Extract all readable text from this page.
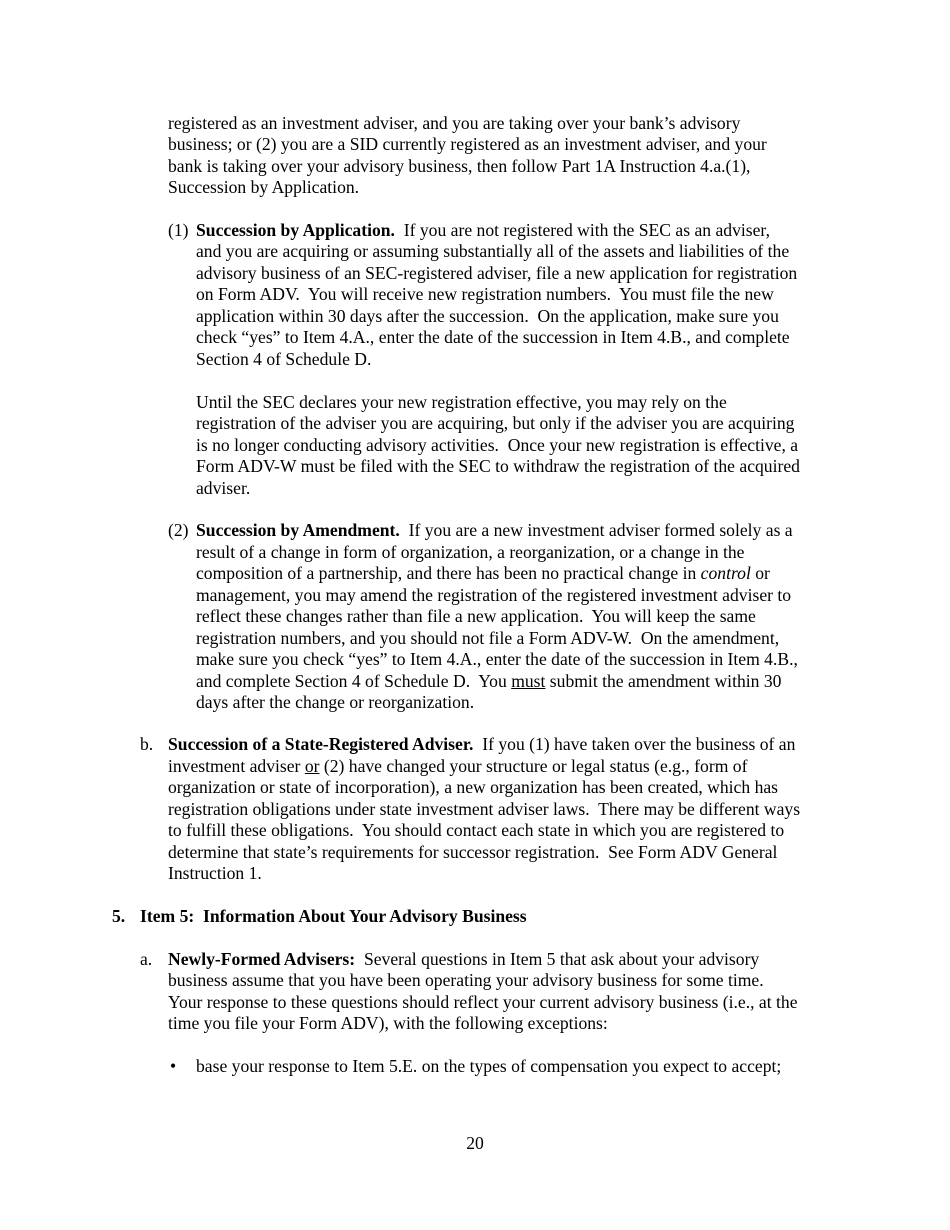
registered as an investment adviser, and you are taking over your bank’s advisory
business; or (2) you are a SID currently registered as an investment adviser, and your
bank is taking over your advisory business, then follow Part 1A Instruction 4.a.(1),
Succession by Application.
(1) Succession by Application.  If you are not registered with the SEC as an adviser,
and you are acquiring or assuming substantially all of the assets and liabilities of the
advisory business of an SEC-registered adviser, file a new application for registration
on Form ADV.  You will receive new registration numbers.  You must file the new
application within 30 days after the succession.  On the application, make sure you
check “yes” to Item 4.A., enter the date of the succession in Item 4.B., and complete
Section 4 of Schedule D.
Until the SEC declares your new registration effective, you may rely on the
registration of the adviser you are acquiring, but only if the adviser you are acquiring
is no longer conducting advisory activities.  Once your new registration is effective, a
Form ADV-W must be filed with the SEC to withdraw the registration of the acquired
adviser.
(2) Succession by Amendment.  If you are a new investment adviser formed solely as a
result of a change in form of organization, a reorganization, or a change in the
composition of a partnership, and there has been no practical change in control or
management, you may amend the registration of the registered investment adviser to
reflect these changes rather than file a new application.  You will keep the same
registration numbers, and you should not file a Form ADV-W.  On the amendment,
make sure you check “yes” to Item 4.A., enter the date of the succession in Item 4.B.,
and complete Section 4 of Schedule D.  You must submit the amendment within 30
days after the change or reorganization.
b. Succession of a State-Registered Adviser.  If you (1) have taken over the business of an
investment adviser or (2) have changed your structure or legal status (e.g., form of
organization or state of incorporation), a new organization has been created, which has
registration obligations under state investment adviser laws.  There may be different ways
to fulfill these obligations.  You should contact each state in which you are registered to
determine that state’s requirements for successor registration.  See Form ADV General
Instruction 1.
5. Item 5:  Information About Your Advisory Business
a. Newly-Formed Advisers:  Several questions in Item 5 that ask about your advisory
business assume that you have been operating your advisory business for some time.
Your response to these questions should reflect your current advisory business (i.e., at the
time you file your Form ADV), with the following exceptions:
• base your response to Item 5.E. on the types of compensation you expect to accept;
20
